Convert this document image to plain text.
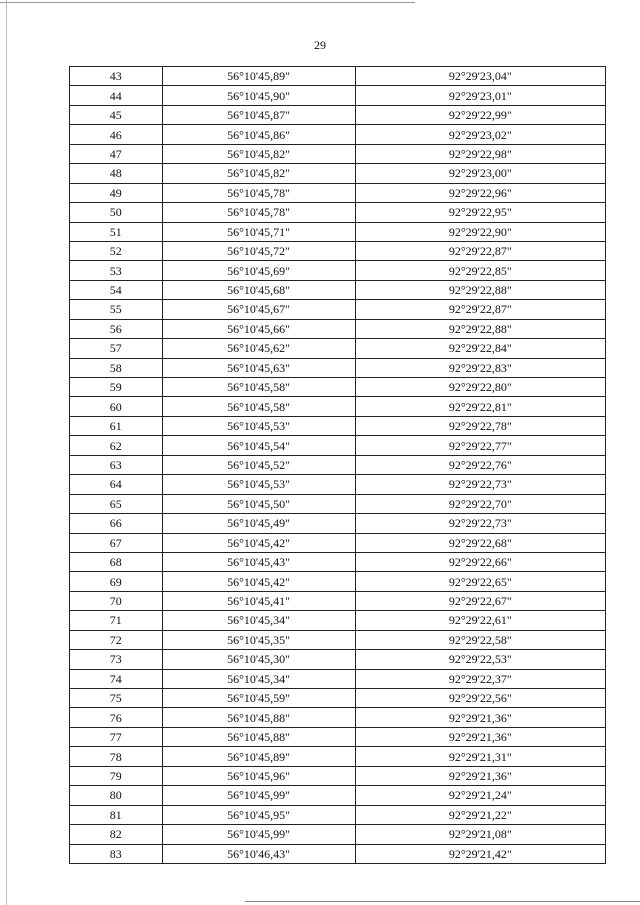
29
43	56°10'45,89"	92°29'23,04"
44	56°10'45,90"	92°29'23,01"
45	56°10'45,87"	92°29'22,99"
46	56°10'45,86"	92°29'23,02"
47	56°10'45,82"	92°29'22,98"
48	56°10'45,82"	92°29'23,00"
49	56°10'45,78"	92°29'22,96"
50	56°10'45,78"	92°29'22,95"
51	56°10'45,71"	92°29'22,90"
52	56°10'45,72"	92°29'22,87"
53	56°10'45,69"	92°29'22,85"
54	56°10'45,68"	92°29'22,88"
55	56°10'45,67"	92°29'22,87"
56	56°10'45,66"	92°29'22,88"
57	56°10'45,62"	92°29'22,84"
58	56°10'45,63"	92°29'22,83"
59	56°10'45,58"	92°29'22,80"
60	56°10'45,58"	92°29'22,81"
61	56°10'45,53"	92°29'22,78"
62	56°10'45,54"	92°29'22,77"
63	56°10'45,52"	92°29'22,76"
64	56°10'45,53"	92°29'22,73"
65	56°10'45,50"	92°29'22,70"
66	56°10'45,49"	92°29'22,73"
67	56°10'45,42"	92°29'22,68"
68	56°10'45,43"	92°29'22,66"
69	56°10'45,42"	92°29'22,65"
70	56°10'45,41"	92°29'22,67"
71	56°10'45,34"	92°29'22,61"
72	56°10'45,35"	92°29'22,58"
73	56°10'45,30"	92°29'22,53"
74	56°10'45,34"	92°29'22,37"
75	56°10'45,59"	92°29'22,56"
76	56°10'45,88"	92°29'21,36"
77	56°10'45,88"	92°29'21,36"
78	56°10'45,89"	92°29'21,31"
79	56°10'45,96"	92°29'21,36"
80	56°10'45,99"	92°29'21,24"
81	56°10'45,95"	92°29'21,22"
82	56°10'45,99"	92°29'21,08"
83	56°10'46,43"	92°29'21,42"
